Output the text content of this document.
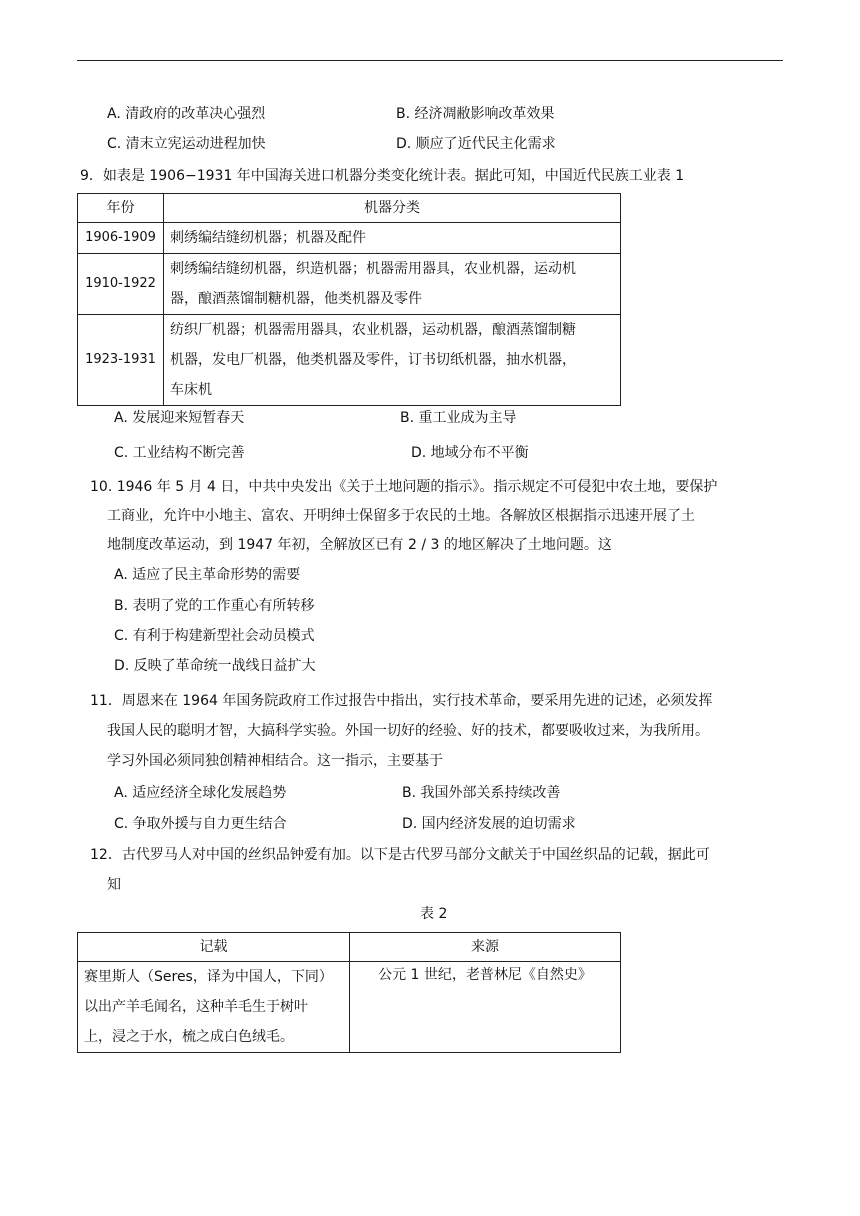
A. 清政府的改革决心强烈	B. 经济凋敝影响改革效果
C. 清末立宪运动进程加快	D. 顺应了近代民主化需求
9．如表是 1906−1931 年中国海关进口机器分类变化统计表。据此可知，中国近代民族工业表 1
年份	机器分类
1906-1909	刺绣编结缝纫机器；机器及配件
1910-1922	刺绣编结缝纫机器，织造机器；机器需用器具，农业机器，运动机
器，酿酒蒸馏制糖机器，他类机器及零件
1923-1931	纺织厂机器；机器需用器具，农业机器，运动机器，酿酒蒸馏制糖
机器，发电厂机器，他类机器及零件，订书切纸机器，抽水机器，
车床机
A. 发展迎来短暂春天	B. 重工业成为主导
C. 工业结构不断完善	D. 地域分布不平衡
10. 1946 年 5 月 4 日，中共中央发出《关于土地问题的指示》。指示规定不可侵犯中农土地，要保护
工商业，允许中小地主、富农、开明绅士保留多于农民的土地。各解放区根据指示迅速开展了土
地制度改革运动，到 1947 年初，全解放区已有 2 / 3 的地区解决了土地问题。这
A. 适应了民主革命形势的需要
B. 表明了党的工作重心有所转移
C. 有利于构建新型社会动员模式
D. 反映了革命统一战线日益扩大
11．周恩来在 1964 年国务院政府工作过报告中指出，实行技术革命，要采用先进的记述，必须发挥
我国人民的聪明才智，大搞科学实验。外国一切好的经验、好的技术，都要吸收过来，为我所用。
学习外国必须同独创精神相结合。这一指示，主要基于
A. 适应经济全球化发展趋势	B. 我国外部关系持续改善
C. 争取外援与自力更生结合	D. 国内经济发展的迫切需求
12．古代罗马人对中国的丝织品钟爱有加。以下是古代罗马部分文献关于中国丝织品的记载，据此可
知
表 2
记载	来源
赛里斯人（Seres，译为中国人，下同）
以出产羊毛闻名，这种羊毛生于树叶
上，浸之于水，梳之成白色绒毛。	公元 1 世纪，老普林尼《自然史》
